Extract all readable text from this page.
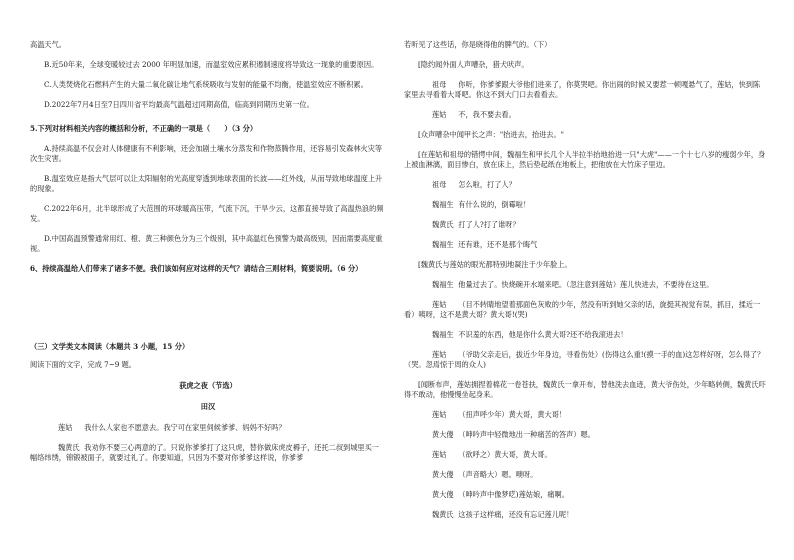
高温天气。

B.近50年来，全球变暖较过去 2000 年明显加速，而温室效应累积遏制速度将导致这一现象的重要原因。

C.人类焚烧化石燃料产生的大量二氧化碳让地气系统吸收与发射的能量不均衡，使温室效应不断积累。

D.2022年7月4日至7日四川省平均最高气温超过同期高值，临高到同期历史第一位。

5.下列对材料相关内容的概括和分析，不正确的一项是（　　）（3 分）

A.持续高温不仅会对人体健康有不利影响，还会加剧土壤水分蒸发和作物蒸腾作用，还容易引发森林火灾等次生灾害。

B.温室效应是指大气层可以让太阳辐射的光高度穿透到地球表面的长波——红外线，从而导致地球温度上升的现象。

C.2022年6月，北半球形成了大范围的环球暖高压带，气流下沉，干旱少云，这都直接导致了高温热浪的频发。

D.中国高温预警通常用红、橙、黄三种颜色分为三个级别，其中高温红色预警为最高级别，因而需要高度重视。

6、持续高温给人们带来了诸多不便。我们该如何应对这样的天气？请结合三则材料，简要说明。（6 分）

（三）文学类文本阅读（本题共 3 小题，15 分）

阅读下面的文字，完成 7~9 题。

获虎之夜（节选）

田汉

莲姑 我什么人家也不愿意去。我宁可在家里伺候爹爹、妈妈不好吗？

魏黄氏 我劝你不要三心两意的了。只说你爹爹打了这只虎，替你做床虎皮褥子，还托二叔到城里买一幅络纬绣，锦锻被面子，就要过礼了。你要知道，只因为不要对你爹爹这样说，你爹爹

若听见了这些话，你是晓得他的脾气的。（下）

[隐约闻外面人声嘈杂，猎犬吠声。

祖母 你听，你爹爹跟大爷他们进来了，你莫哭吧。你出闹的时候又要惹一顿嘎悬气了，莲姑，快到陈家里去寻看着大哥吧。你这不到大门口去看看去。

莲姑 不，我不要去看。

[众声嘈杂中闻甲长之声："抬进去，抬进去。"

[在莲姑和祖母的错愕中间，魏福生和甲长几个人半拉半抬地抬进一只"大虎"——一个十七八岁的瘦弱少年，身上被血淋漓，面目惨白，放在床上，然后垫起纸在地板上，把他放在大竹床子里边。

祖母 怎么啦，打了人？

魏福生 有什么说的，倒霉啦！

魏黄氏 打了人?打了谁呀？

魏福生 还有谁，还不是那个晦气

[魏黄氏与莲姑的眼光都特别地凝注于少年脸上。

魏福生 他量过去了。快烧碗开水端来吧。（忽注意到莲姑）莲儿快进去，不要待在这里。

莲姑 （目不转睛地望着那面色灰败的少年，然没有听到她父亲的话，旋挺其视觉有误，抓目，揉近一看）咦呀，这不是黄大哥？黄大哥!(哭)

魏福生 不识羞的东西，他是你什么黄大哥?还不给我滚进去！

莲姑 （爷助父亲走后，拔近少年身边，寻看伤处）(伤得这么重!(摸一手的血)这怎样好呀，怎么得了？（哭。忽焉惊于周的众人)

[闻断布声，莲姑拥捏着棉花一卷苍扶，魏黄氏一拿开布，替他洗去血迹，黄大爷伤处，少年略转侧，魏黄氏吓得不敢动，他慢慢坐起身来。

莲姑 （扭声呼少年）黄大哥，黄大哥！

黄大傻 （呻吟声中轻微地出一种痛苦的答声）嗯。

莲姑 （欲呼之）黄大哥，黄大哥。

黄大傻 （声音略大）嗯。噢呀。

黄大傻 （呻吟声中像梦呓)莲姑娘，痛啊。

魏黄氏 这孩子这样痛，还没有忘记莲儿呢！
